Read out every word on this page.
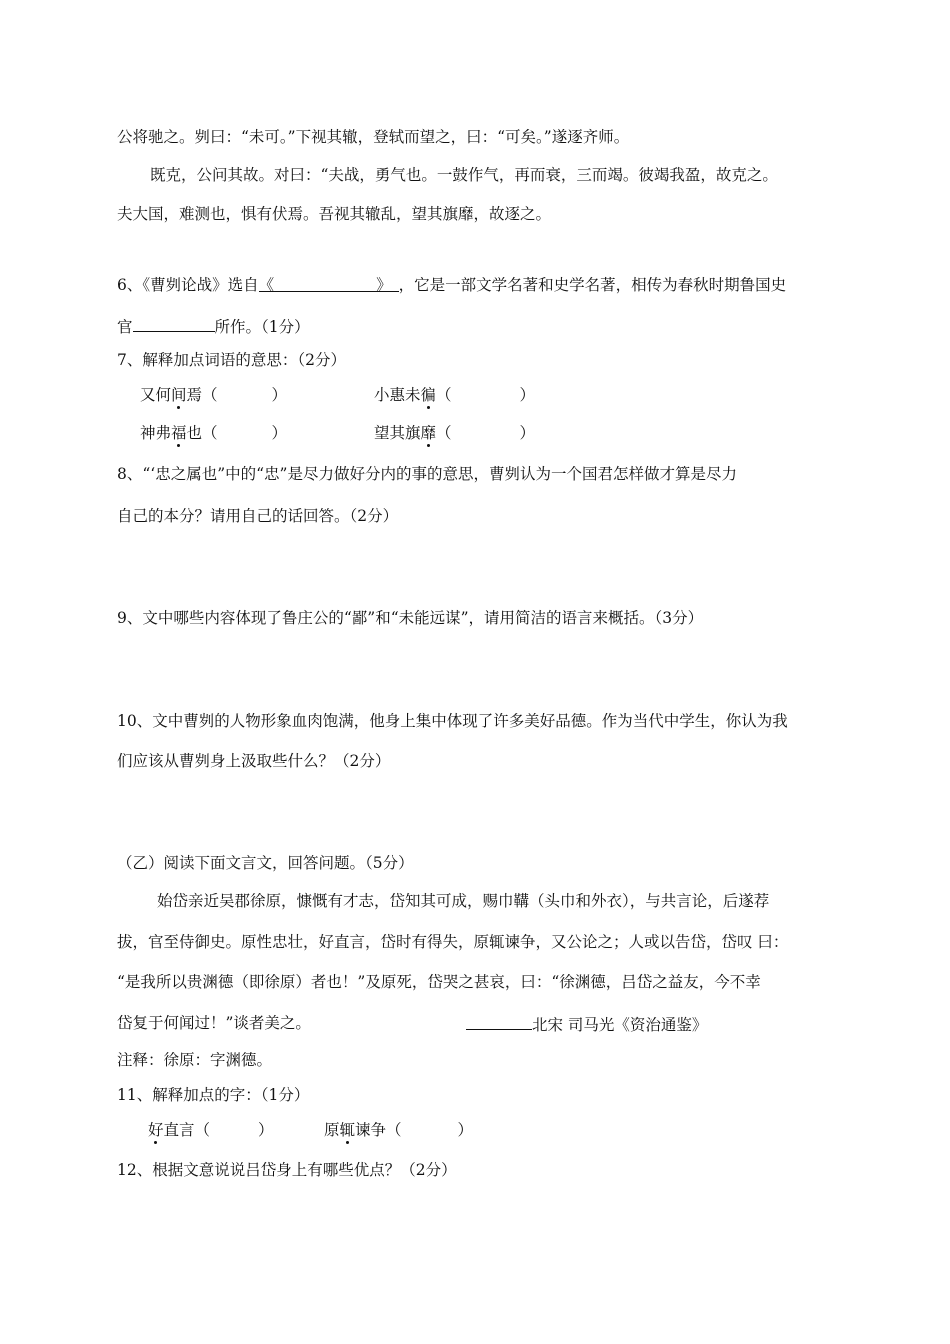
公将驰之。刿曰：“未可。”下视其辙，登轼而望之，曰：“可矣。”遂逐齐师。
既克，公问其故。对曰：“夫战，勇气也。一鼓作气，再而衰，三而竭。彼竭我盈，故克之。
夫大国，难测也，惧有伏焉。吾视其辙乱，望其旗靡，故逐之。
6、《曹刿论战》选自《	》 ，它是一部文学名著和史学名著，相传为春秋时期鲁国史
官	所作。（1分）
7、解释加点词语的意思：（2分）
又何间焉（	）	小惠未徧（	）
神弗福也（	）	望其旗靡（	）
8、“‘忠之属也”中的“忠”是尽力做好分内的事的意思，曹刿认为一个国君怎样做才算是尽力
自己的本分？请用自己的话回答。（2分）
9、文中哪些内容体现了鲁庄公的“鄙”和“未能远谋”，请用简洁的语言来概括。（3分）
10、文中曹刿的人物形象血肉饱满，他身上集中体现了许多美好品德。作为当代中学生，你认为我
们应该从曹刿身上汲取些什么？（2分）
（乙）阅读下面文言文，回答问题。（5分）
始岱亲近吴郡徐原，慷慨有才志，岱知其可成，赐巾鞲（头巾和外衣），与共言论，后遂荐
拔，官至侍御史。原性忠壮，好直言，岱时有得失，原辄谏争，又公论之；人或以告岱，岱叹 曰：
“是我所以贵渊德（即徐原）者也！”及原死，岱哭之甚哀，曰：“徐渊德，吕岱之益友，今不幸
岱复于何闻过！”谈者美之。	北宋 司马光《资治通鉴》
注释：徐原：字渊德。
11、解释加点的字：（1分）
好直言（	）	原辄谏争（	）
12、根据文意说说吕岱身上有哪些优点？（2分）
